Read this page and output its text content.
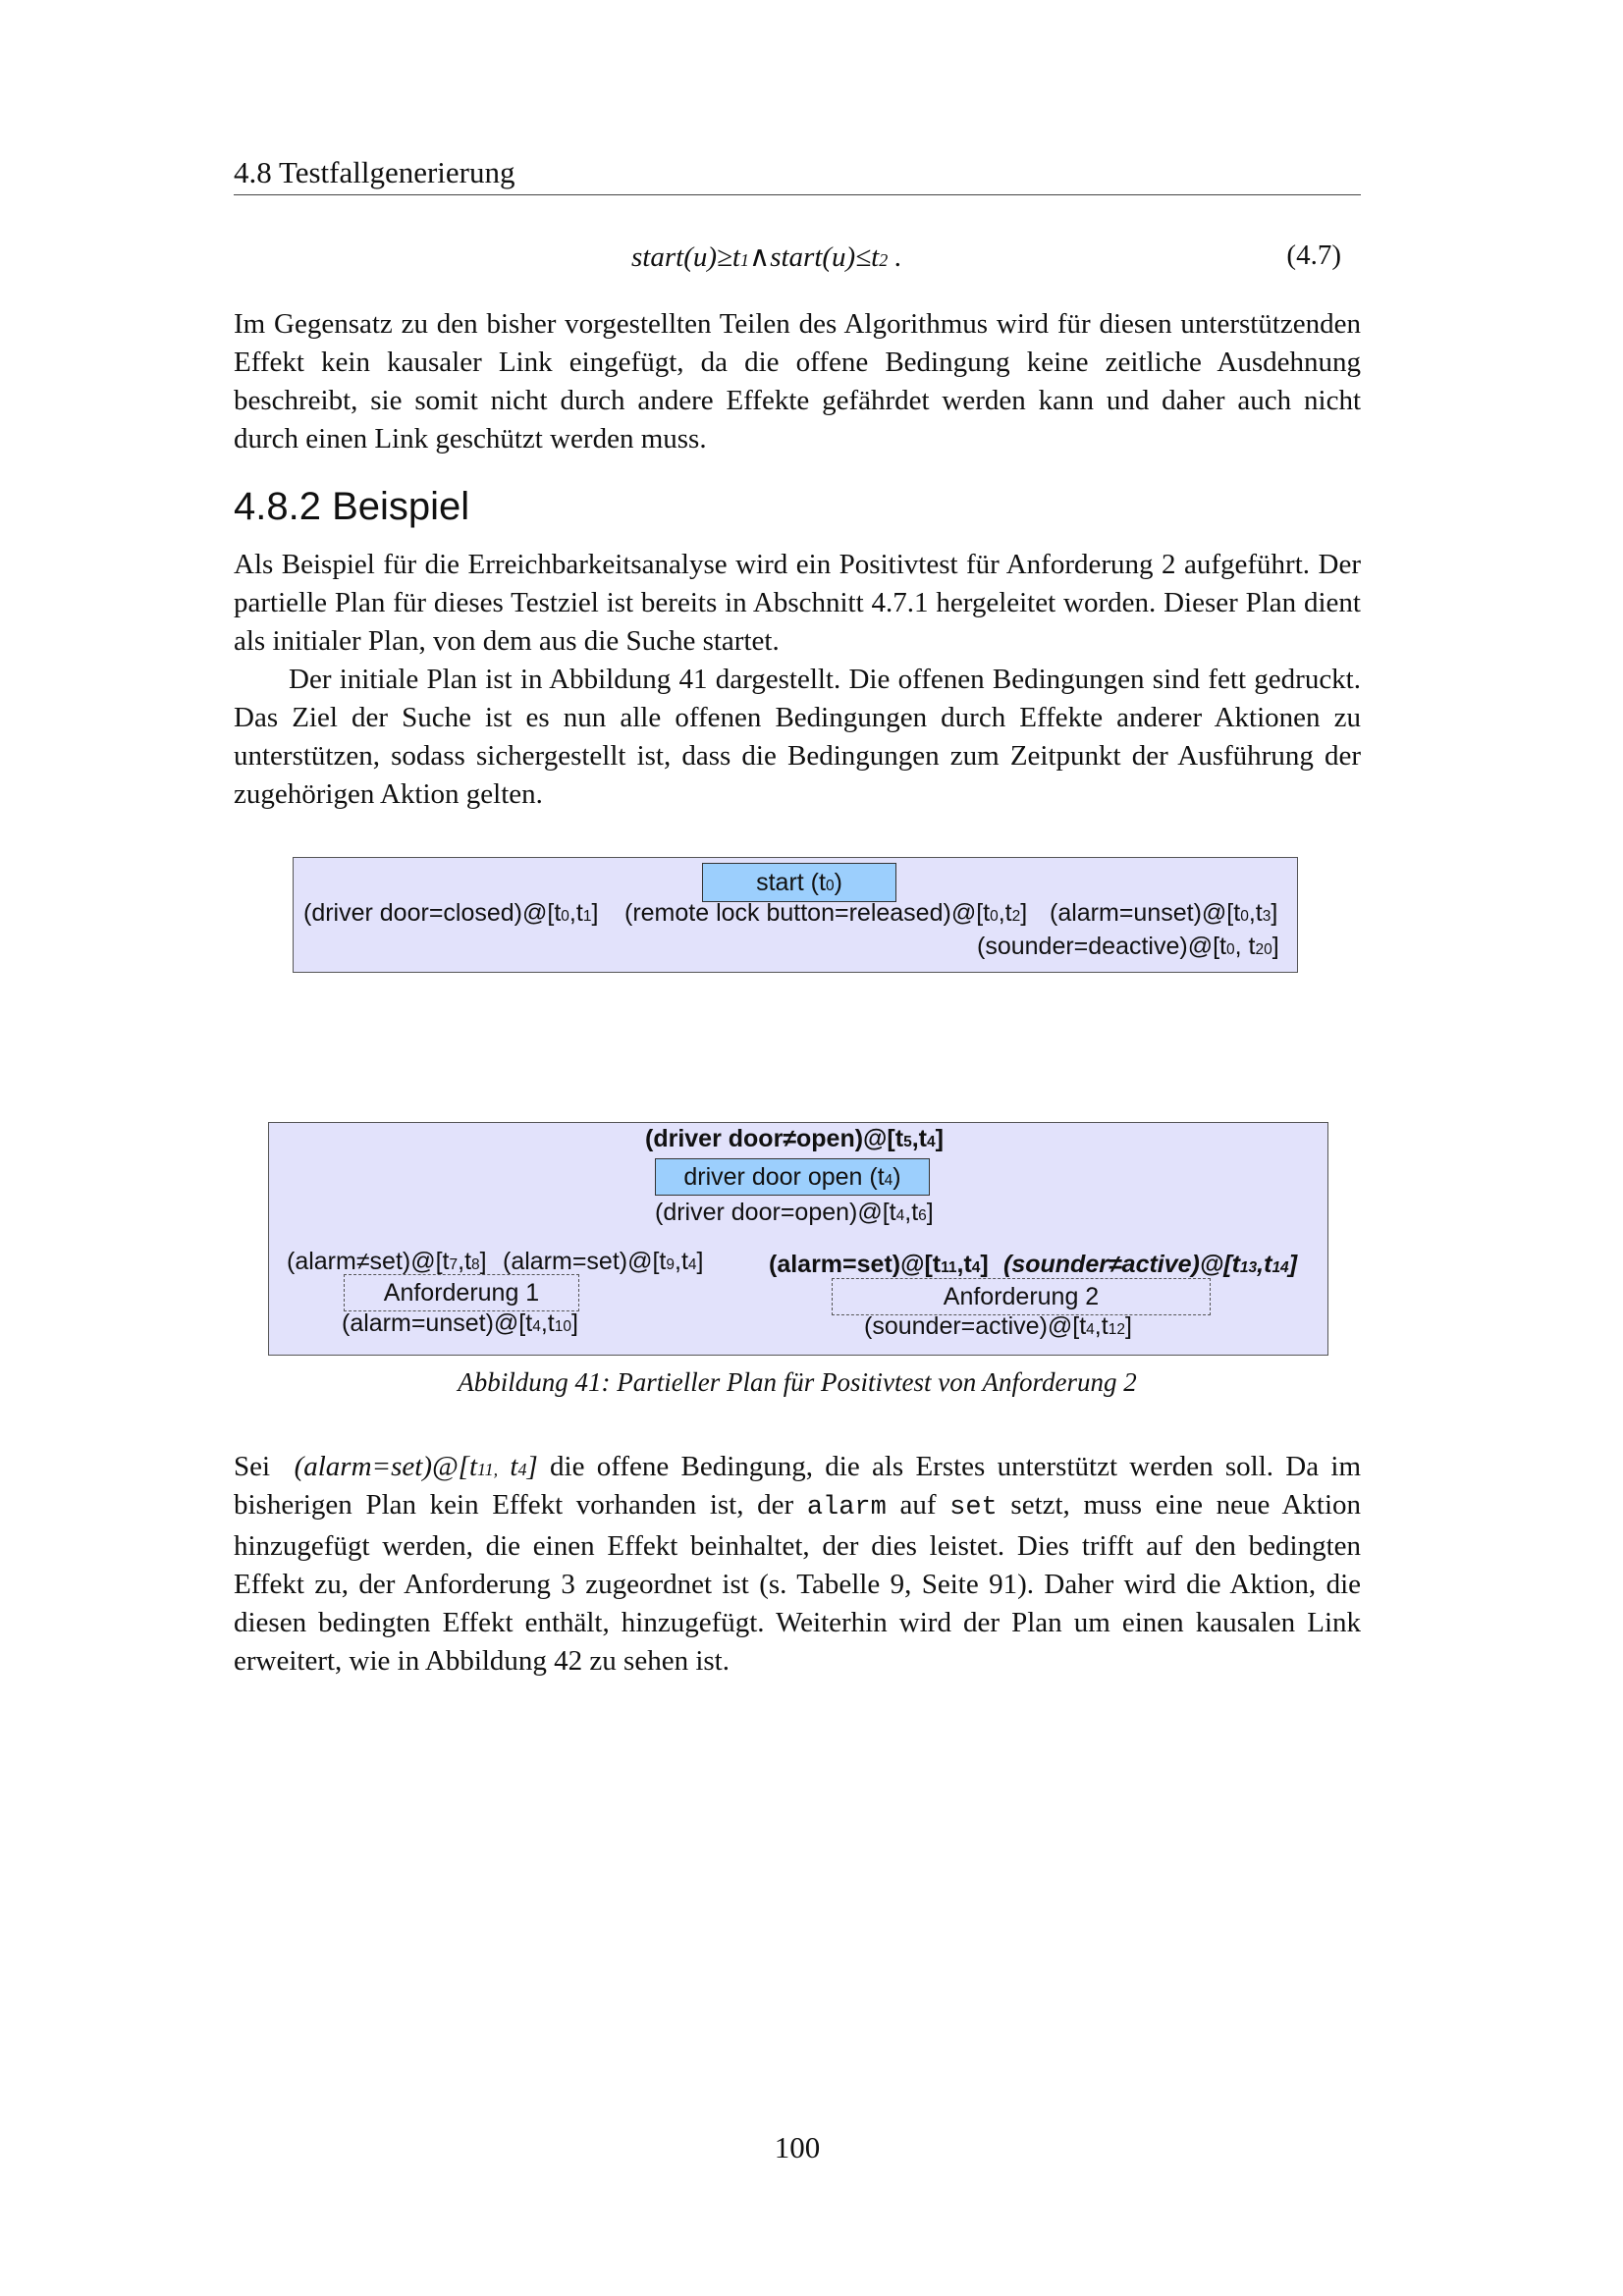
4.8 Testfallgenerierung
$start(u)\ge t_1\wedge start(u)\le t_2$ .	(4.7)
Im Gegensatz zu den bisher vorgestellten Teilen des Algorithmus wird für diesen unterstützenden Effekt kein kausaler Link eingefügt, da die offene Bedingung keine zeitliche Ausdehnung beschreibt, sie somit nicht durch andere Effekte gefährdet werden kann und daher auch nicht durch einen Link geschützt werden muss.
4.8.2 Beispiel
Als Beispiel für die Erreichbarkeitsanalyse wird ein Positivtest für Anforderung 2 aufgeführt. Der partielle Plan für dieses Testziel ist bereits in Abschnitt 4.7.1 hergeleitet worden. Dieser Plan dient als initialer Plan, von dem aus die Suche startet.
Der initiale Plan ist in Abbildung 41 dargestellt. Die offenen Bedingungen sind fett gedruckt. Das Ziel der Suche ist es nun alle offenen Bedingungen durch Effekte anderer Aktionen zu unterstützen, sodass sichergestellt ist, dass die Bedingungen zum Zeitpunkt der Ausführung der zugehörigen Aktion gelten.
start $(t_0)$
(driver $door=closed)@[t_0,t_1]$ (remote lock $button=released)@[t_0,t_2]$ $(alarm=unset)@[t_0,t_3]$
$(sounder=deactive)@[t_0$, $t_{20}$]
(driver $door\ne open)@[t_5,t_4]$
driver door open $(t_4)$
(driver $door=open)@[t_4,t_6]$
$(alarm\ne set)@[t_7,t_8]$ $(alarm=set)@[t_9,t_4]$
Anforderung 1
$(alarm=unset)@[t_4,t_{10}]$
$(alarm=set)@[t_{11},t_4]$ $(sounder\ne active)@[t_{13},t_{14}]$
Anforderung 2
$(sounder=active)@[t_4,t_{12}]$
Abbildung 41: Partieller Plan für Positivtest von Anforderung 2
Sei $(alarm=set)@[t_{11,}$ $t_4$] die offene Bedingung, die als Erstes unterstützt werden soll. Da im bisherigen Plan kein Effekt vorhanden ist, der alarm auf set setzt, muss eine neue Aktion hinzugefügt werden, die einen Effekt beinhaltet, der dies leistet. Dies trifft auf den bedingten Effekt zu, der Anforderung 3 zugeordnet ist (s. Tabelle 9, Seite 91). Daher wird die Aktion, die diesen bedingten Effekt enthält, hinzugefügt. Weiterhin wird der Plan um einen kausalen Link erweitert, wie in Abbildung 42 zu sehen ist.
100
